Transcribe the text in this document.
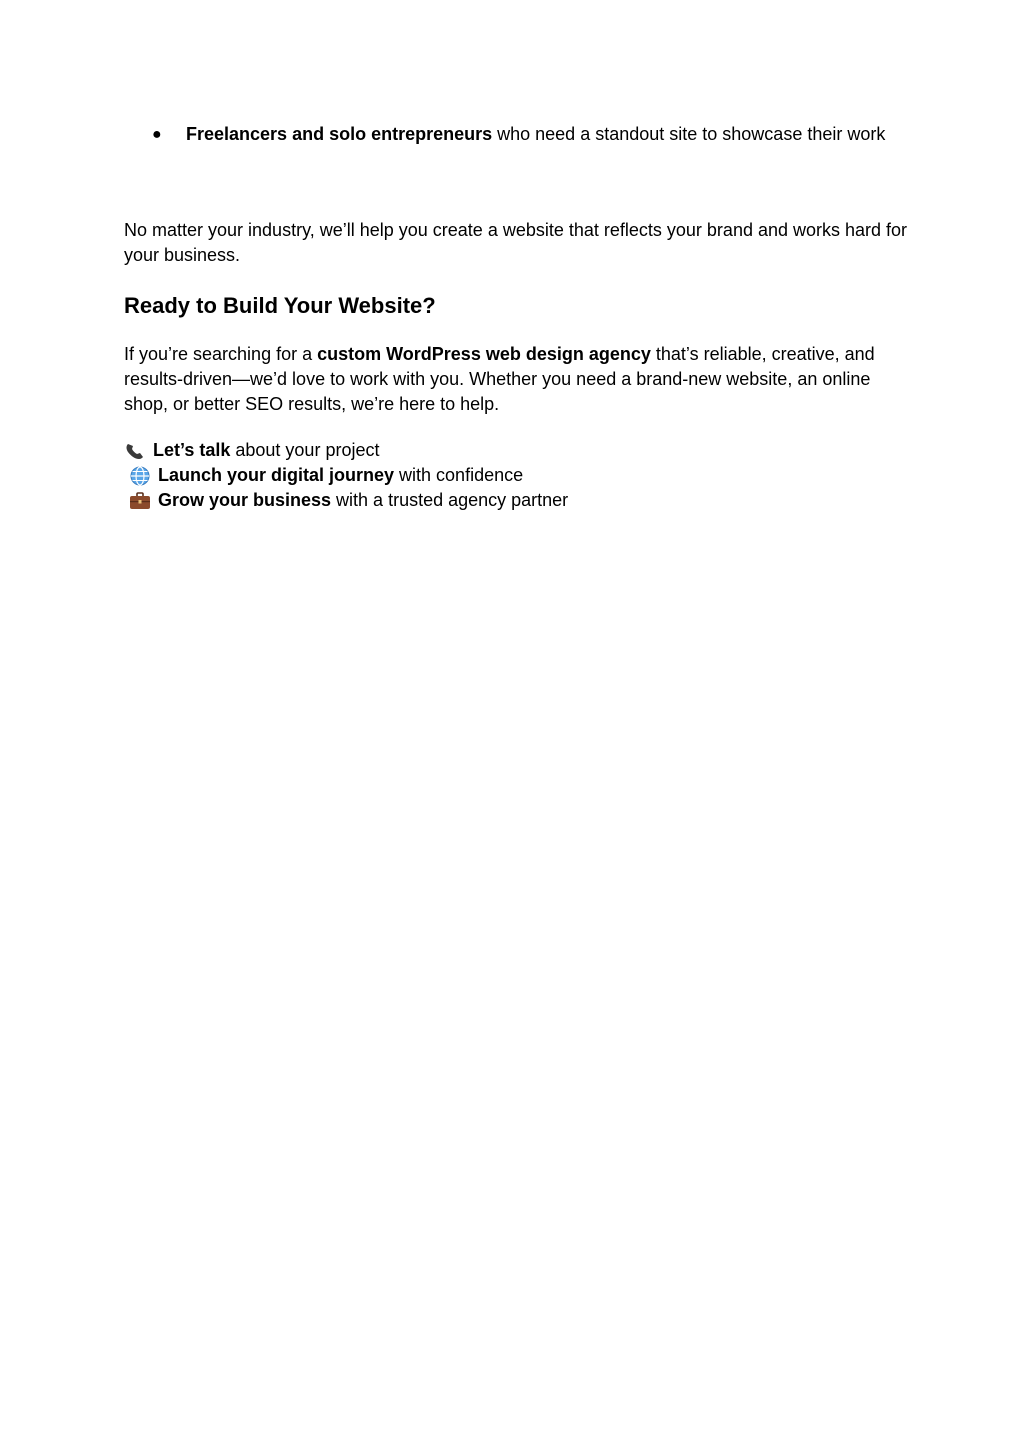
●	Freelancers and solo entrepreneurs who need a standout site to showcase their work

No matter your industry, we’ll help you create a website that reflects your brand and works hard for your business.

Ready to Build Your Website?

If you’re searching for a custom WordPress web design agency that’s reliable, creative, and results-driven—we’d love to work with you. Whether you need a brand-new website, an online shop, or better SEO results, we’re here to help.

Let’s talk about your project
Launch your digital journey with confidence
Grow your business with a trusted agency partner
